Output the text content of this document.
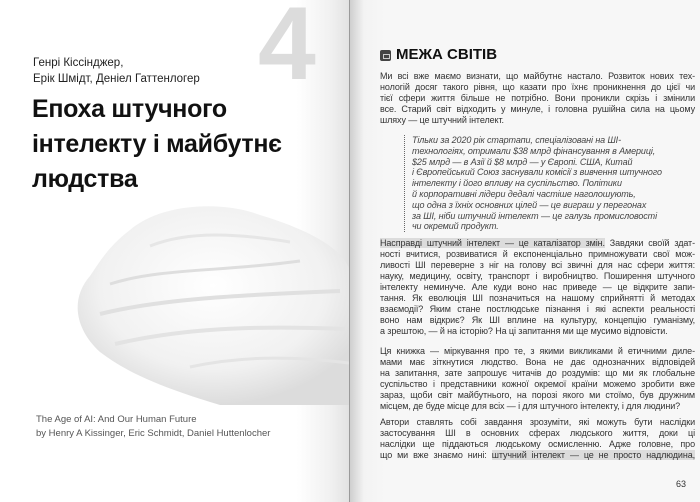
4
Генрі Кіссінджер,
Ерік Шмідт, Деніел Гаттенлогер
Епоха штучного
інтелекту і майбутнє
людства
The Age of AI: And Our Human Future
by Henry A Kissinger, Eric Schmidt, Daniel Huttenlocher
МЕЖА СВІТІВ
Ми всі вже маємо визнати, що майбутнє настало. Розвиток нових тех-
нологій досяг такого рівня, що казати про їхнє проникнення до цієї чи
тієї сфери життя більше не потрібно. Вони проникли скрізь і змінили
все. Старий світ відходить у минуле, і головна рушійна сила на цьому
шляху — це штучний інтелект.
Тільки за 2020 рік стартапи, спеціалізовані на ШІ-
технологіях, отримали $38 млрд фінансування в Америці,
$25 млрд — в Азії й $8 млрд — у Європі. США, Китай
і Європейський Союз заснували комісії з вивчення штучного
інтелекту і його впливу на суспільство. Політики
й корпоративні лідери дедалі частіше наголошують,
що одна з їхніх основних цілей — це виграш у перегонах
за ШІ, ніби штучний інтелект — це галузь промисловості
чи окремий продукт.
Насправді штучний інтелект — це каталізатор змін. Завдяки своїй здат-
ності вчитися, розвиватися й експоненціально примножувати свої мож-
ливості ШІ переверне з ніг на голову всі звичні для нас сфери життя:
науку, медицину, освіту, транспорт і виробництво. Поширення штучного
інтелекту неминуче. Але куди воно нас приведе — це відкрите запи-
тання. Як еволюція ШІ позначиться на нашому сприйнятті й методах
взаємодії? Яким стане постлюдське пізнання і які аспекти реальності
воно нам відкриє? Як ШІ вплине на культуру, концепцію гуманізму,
а зрештою, — й на історію? На ці запитання ми ще мусимо відповісти.
Ця книжка — міркування про те, з якими викликами й етичними диле-
мами має зіткнутися людство. Вона не дає однозначних відповідей
на запитання, зате запрошує читачів до роздумів: що ми як глобальне
суспільство і представники кожної окремої країни можемо зробити вже
зараз, щоби світ майбутнього, на порозі якого ми стоїмо, був дружним
місцем, де буде місце для всіх — і для штучного інтелекту, і для людини?
Автори ставлять собі завдання зрозуміти, які можуть бути наслідки
застосування ШІ в основних сферах людського життя, доки ці
наслідки ще піддаються людському осмисленню. Адже головне, про
що ми вже знаємо нині: штучний інтелект — це не просто надлюдина,
63
